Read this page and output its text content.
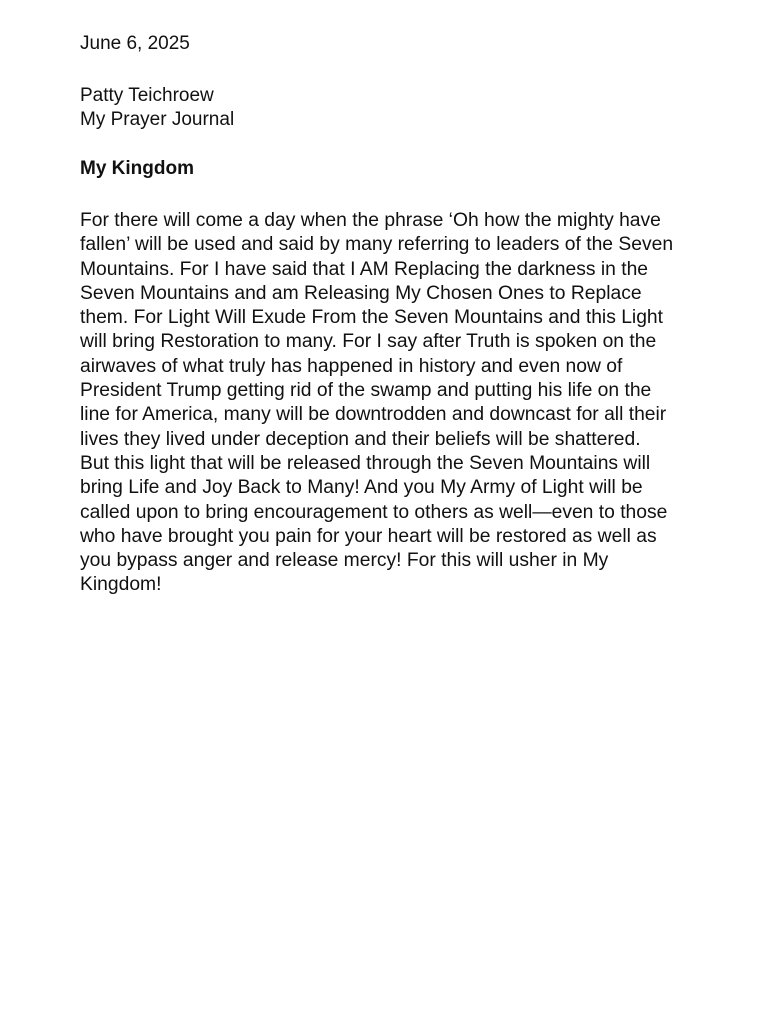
June 6, 2025
Patty Teichroew
My Prayer Journal
My Kingdom
For there will come a day when the phrase ‘Oh how the mighty have
fallen’ will be used and said by many referring to leaders of the Seven
Mountains. For I have said that I AM Replacing the darkness in the
Seven Mountains and am Releasing My Chosen Ones to Replace
them. For Light Will Exude From the Seven Mountains and this Light
will bring Restoration to many. For I say after Truth is spoken on the
airwaves of what truly has happened in history and even now of
President Trump getting rid of the swamp and putting his life on the
line for America, many will be downtrodden and downcast for all their
lives they lived under deception and their beliefs will be shattered.
But this light that will be released through the Seven Mountains will
bring Life and Joy Back to Many! And you My Army of Light will be
called upon to bring encouragement to others as well—even to those
who have brought you pain for your heart will be restored as well as
you bypass anger and release mercy! For this will usher in My
Kingdom!
